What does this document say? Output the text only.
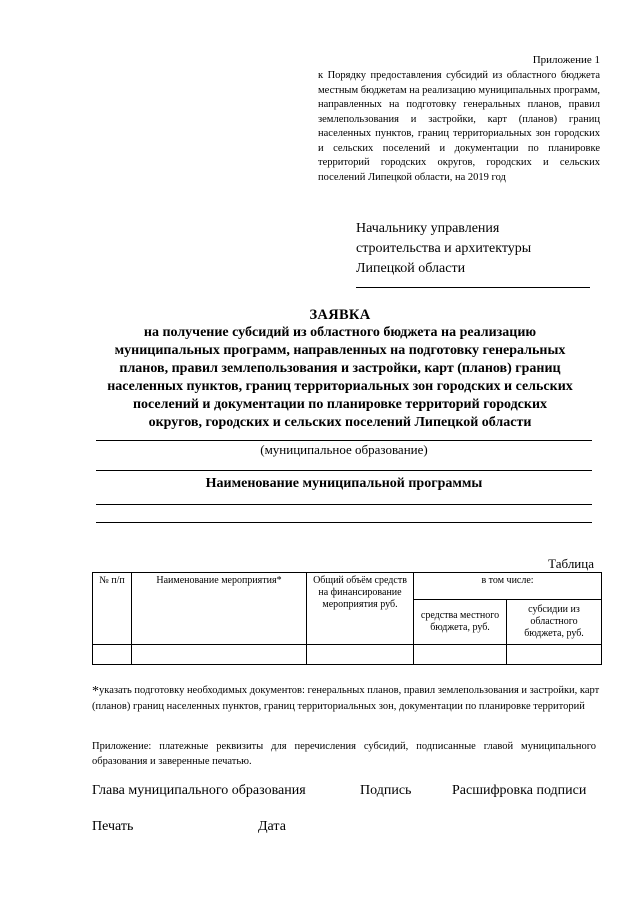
Приложение 1
к Порядку предоставления субсидий из областного бюджета местным бюджетам на реализацию муниципальных программ, направленных на подготовку генеральных планов, правил землепользования и застройки, карт (планов) границ населенных пунктов, границ территориальных зон городских и сельских поселений и документации по планировке территорий городских округов, городских и сельских поселений Липецкой области, на 2019 год
Начальнику управления
строительства и архитектуры
Липецкой области
ЗАЯВКА
на получение субсидий из областного бюджета на реализацию
муниципальных программ, направленных на подготовку генеральных
планов, правил землепользования и застройки, карт (планов) границ
населенных пунктов, границ территориальных зон городских и сельских
поселений и документации по планировке территорий городских
округов, городских и сельских поселений Липецкой области
(муниципальное образование)
Наименование муниципальной программы
Таблица
№ п/п	Наименование мероприятия*	Общий объём средств на финансирование мероприятия руб.	в том числе:	
			средства местного бюджета, руб.	субсидии из областного бюджета, руб.

*указать подготовку необходимых документов: генеральных планов, правил землепользования и застройки, карт (планов) границ населенных пунктов, границ территориальных зон, документации по планировке территорий
Приложение: платежные реквизиты для перечисления субсидий, подписанные главой муниципального образования и заверенные печатью.
Глава муниципального образования	Подпись	Расшифровка подписи
Печать	Дата
